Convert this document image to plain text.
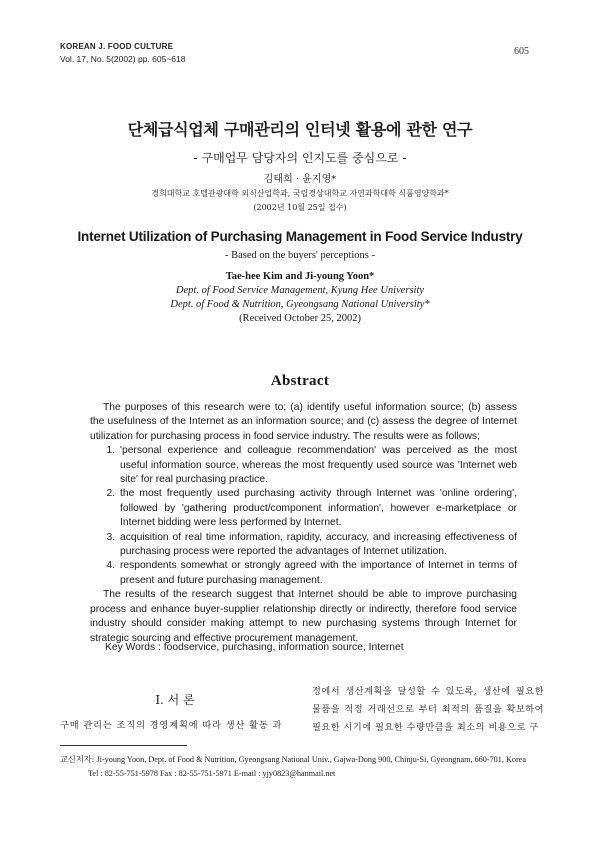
KOREAN J. FOOD CULTURE
Vol. 17, No. 5(2002) pp. 605~618
605
단체급식업체 구매관리의 인터넷 활용에 관한 연구
- 구매업무 담당자의 인지도를 중심으로 -
김태희 · 윤지영*
경희대학교 호텔관광대학 외식산업학과, 국립경상대학교 자연과학대학 식품영양학과*
(2002년 10월 25일 접수)
Internet Utilization of Purchasing Management in Food Service Industry
- Based on the buyers' perceptions -
Tae-hee Kim and Ji-young Yoon*
Dept. of Food Service Management, Kyung Hee University
Dept. of Food & Nutrition, Gyeongsang National University*
(Received October 25, 2002)
Abstract

The purposes of this research were to; (a) identify useful information source; (b) assess the usefulness of the Internet as an information source; and (c) assess the degree of Internet utilization for purchasing process in food service industry. The results were as follows;

1. 'personal experience and colleague recommendation' was perceived as the most useful information source, whereas the most frequently used source was 'Internet web site' for real purchasing practice.
2. the most frequently used purchasing activity through Internet was 'online ordering', followed by 'gathering product/component information', however e-marketplace or Internet bidding were less performed by Internet.
3. acquisition of real time information, rapidity, accuracy, and increasing effectiveness of purchasing process were reported the advantages of Internet utilization.
4. respondents somewhat or strongly agreed with the importance of Internet in terms of present and future purchasing management.

The results of the research suggest that Internet should be able to improve purchasing process and enhance buyer-supplier relationship directly or indirectly, therefore food service industry should consider making attempt to new purchasing systems through Internet for strategic sourcing and effective procurement management.

Key Words : foodservice, purchasing, information source, Internet
I. 서 론
구매 관리는 조직의 경영계획에 따라 생산 활동 과
정에서 생산계획을 달성할 수 있도록, 생산에 필요한 물품을 적정 거래선으로 부터 최적의 품질을 확보하여 필요한 시기에 필요한 수량만큼을 최소의 비용으로 구
교신저자: Ji-young Yoon, Dept. of Food & Nutrition, Gyeongsang National Univ., Gajwa-Dong 900, Chinju-Si, Gyeongnam, 660-701, Korea
Tel : 82-55-751-5978 Fax : 82-55-751-5971 E-mail : yjy0823@hanmail.net
